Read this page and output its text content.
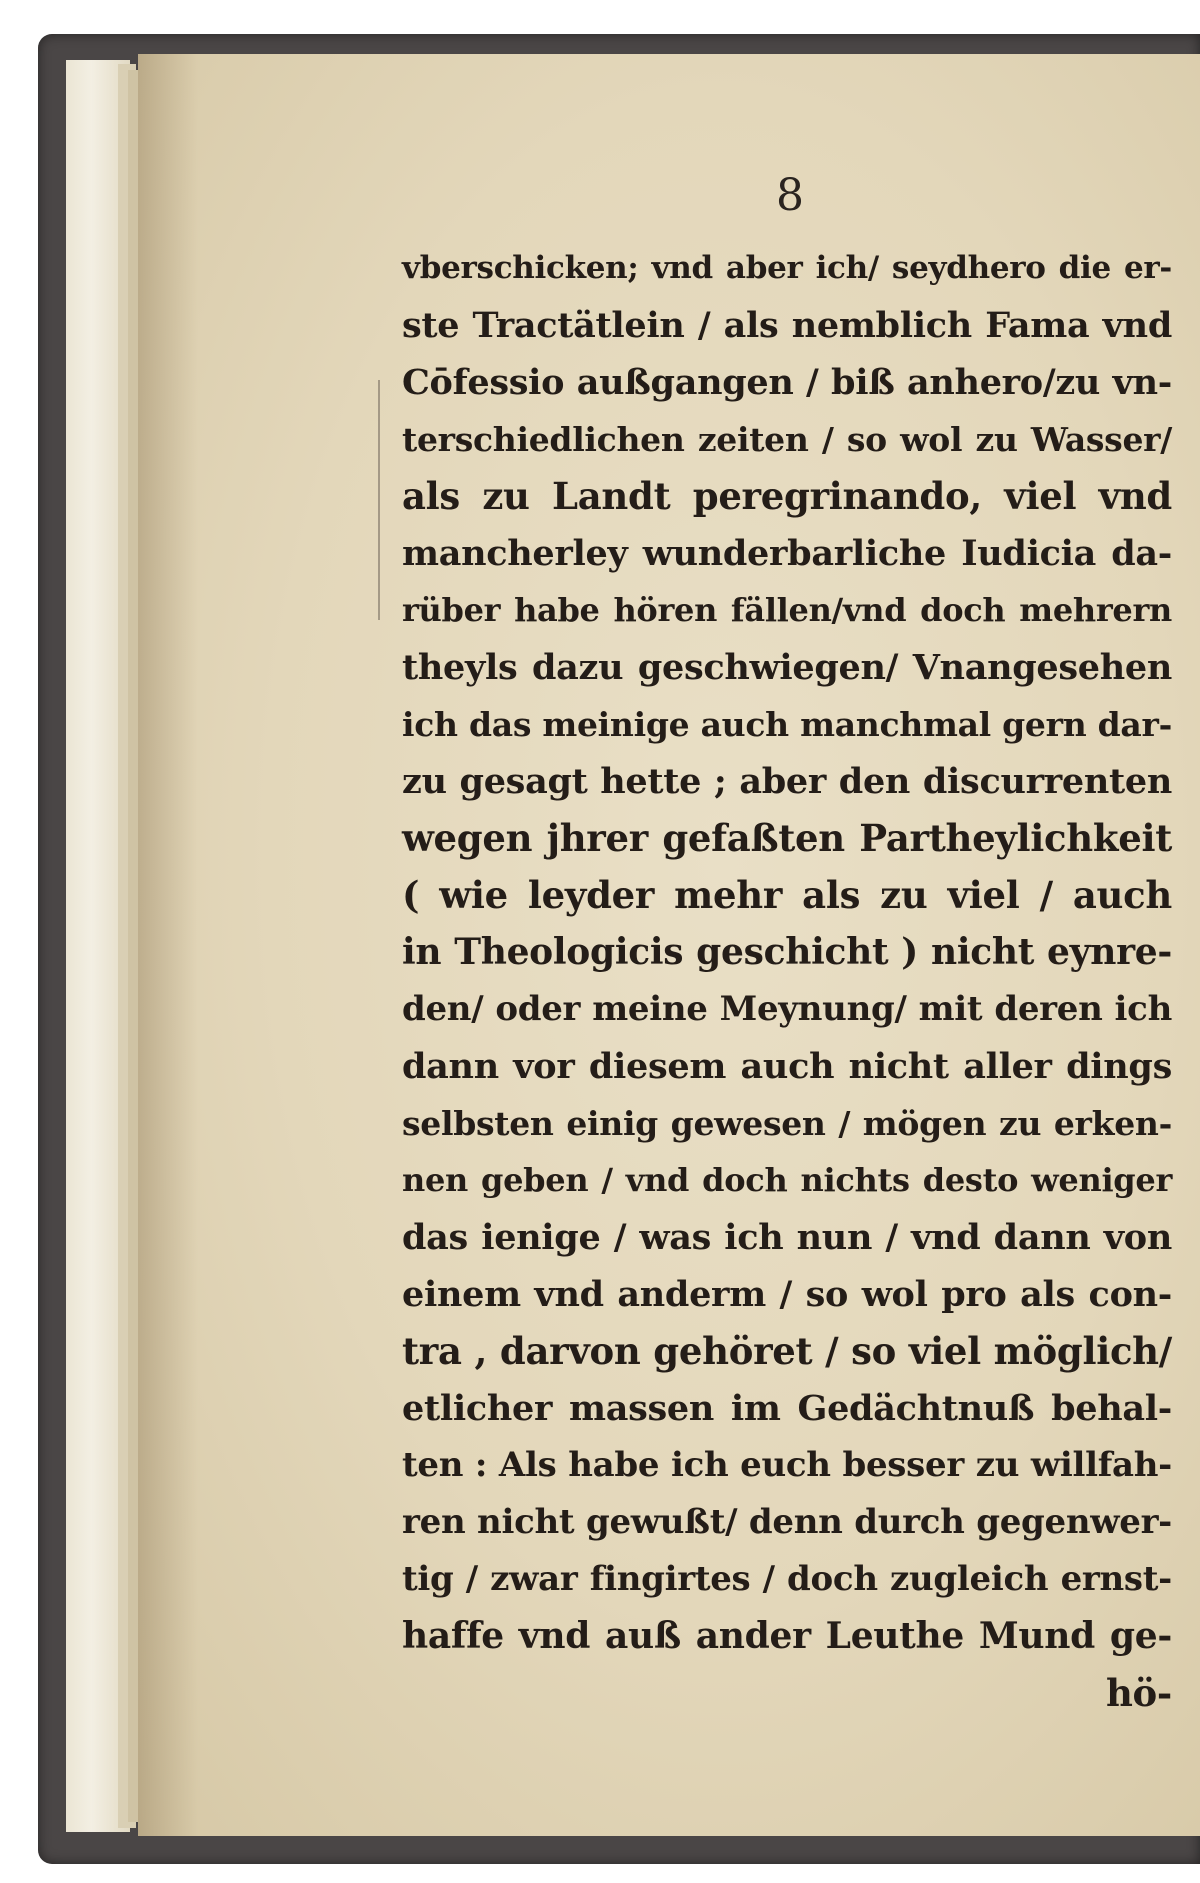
8
vberschicken; vnd aber ich/ seydhero die er-
ste Tractätlein / als nemblich Fama vnd
Cōfessio außgangen / biß anhero/zu vn-
terschiedlichen zeiten / so wol zu Wasser/
als zu Landt peregrinando, viel vnd
mancherley wunderbarliche Iudicia da-
rüber habe hören fällen/vnd doch mehrern
theyls dazu geschwiegen/ Vnangesehen
ich das meinige auch manchmal gern dar-
zu gesagt hette ; aber den discurrenten
wegen jhrer gefaßten Partheylichkeit
( wie leyder mehr als zu viel / auch
in Theologicis geschicht ) nicht eynre-
den/ oder meine Meynung/ mit deren ich
dann vor diesem auch nicht aller dings
selbsten einig gewesen / mögen zu erken-
nen geben / vnd doch nichts desto weniger
das ienige / was ich nun / vnd dann von
einem vnd anderm / so wol pro als con-
tra , darvon gehöret / so viel möglich/
etlicher massen im Gedächtnuß behal-
ten : Als habe ich euch besser zu willfah-
ren nicht gewußt/ denn durch gegenwer-
tig / zwar fingirtes / doch zugleich ernst-
haffe vnd auß ander Leuthe Mund ge-
hö-
